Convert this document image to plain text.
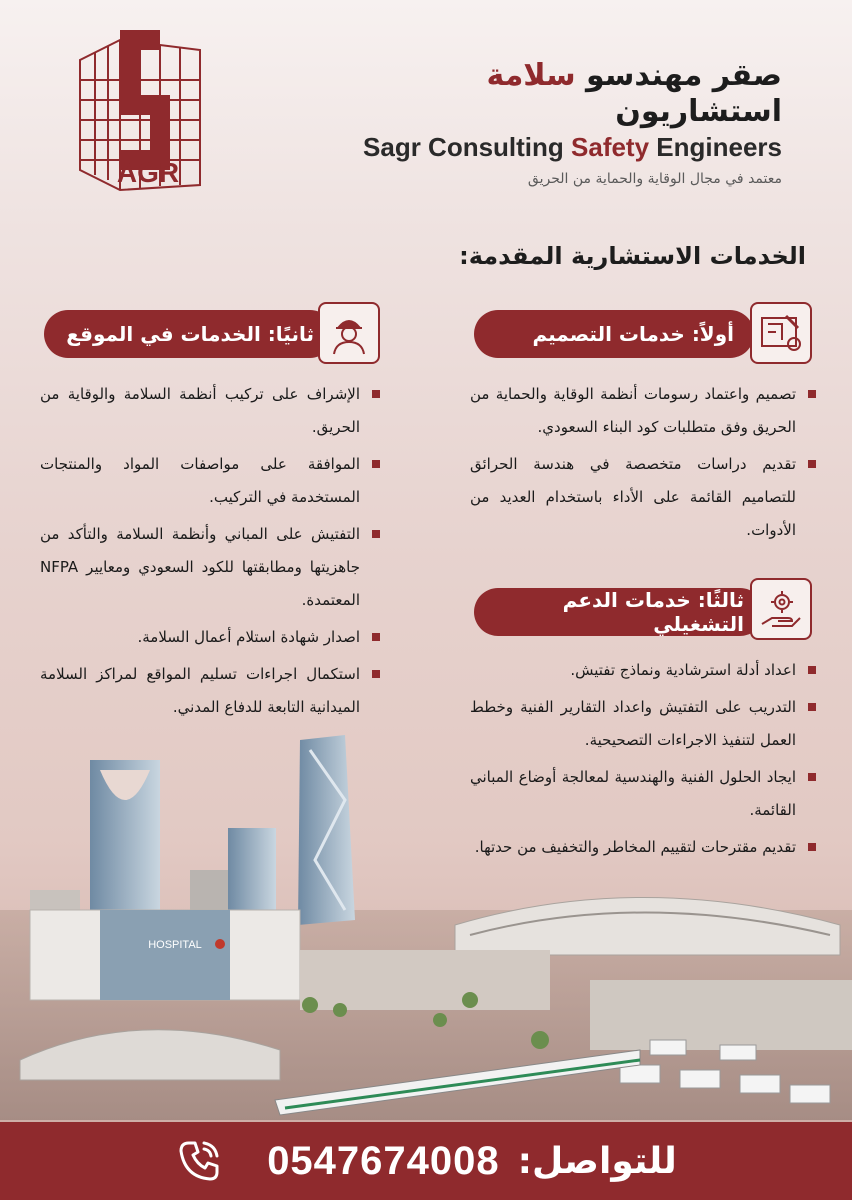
AGR
صقر مهندسو سلامة استشاريون
Sagr Consulting Safety Engineers
معتمد في مجال الوقاية والحماية من الحريق
الخدمات الاستشارية المقدمة:
أولاً: خدمات التصميم
تصميم واعتماد رسومات أنظمة الوقاية والحماية من الحريق وفق متطلبات كود البناء السعودي.
تقديم دراسات متخصصة في هندسة الحرائق للتصاميم القائمة على الأداء باستخدام العديد من الأدوات.
ثانيًا: الخدمات في الموقع
الإشراف على تركيب أنظمة السلامة والوقاية من الحريق.
الموافقة على مواصفات المواد والمنتجات المستخدمة في التركيب.
التفتيش على المباني وأنظمة السلامة والتأكد من جاهزيتها ومطابقتها للكود السعودي ومعايير NFPA المعتمدة.
اصدار شهادة استلام أعمال السلامة.
استكمال اجراءات تسليم المواقع لمراكز السلامة الميدانية التابعة للدفاع المدني.
ثالثًا: خدمات الدعم التشغيلي
اعداد أدلة استرشادية ونماذج تفتيش.
التدريب على التفتيش واعداد التقارير الفنية وخطط العمل لتنفيذ الاجراءات التصحيحية.
ايجاد الحلول الفنية والهندسية لمعالجة أوضاع المباني القائمة.
تقديم مقترحات لتقييم المخاطر والتخفيف من حدتها.
HOSPITAL
0547674008 للتواصل:
